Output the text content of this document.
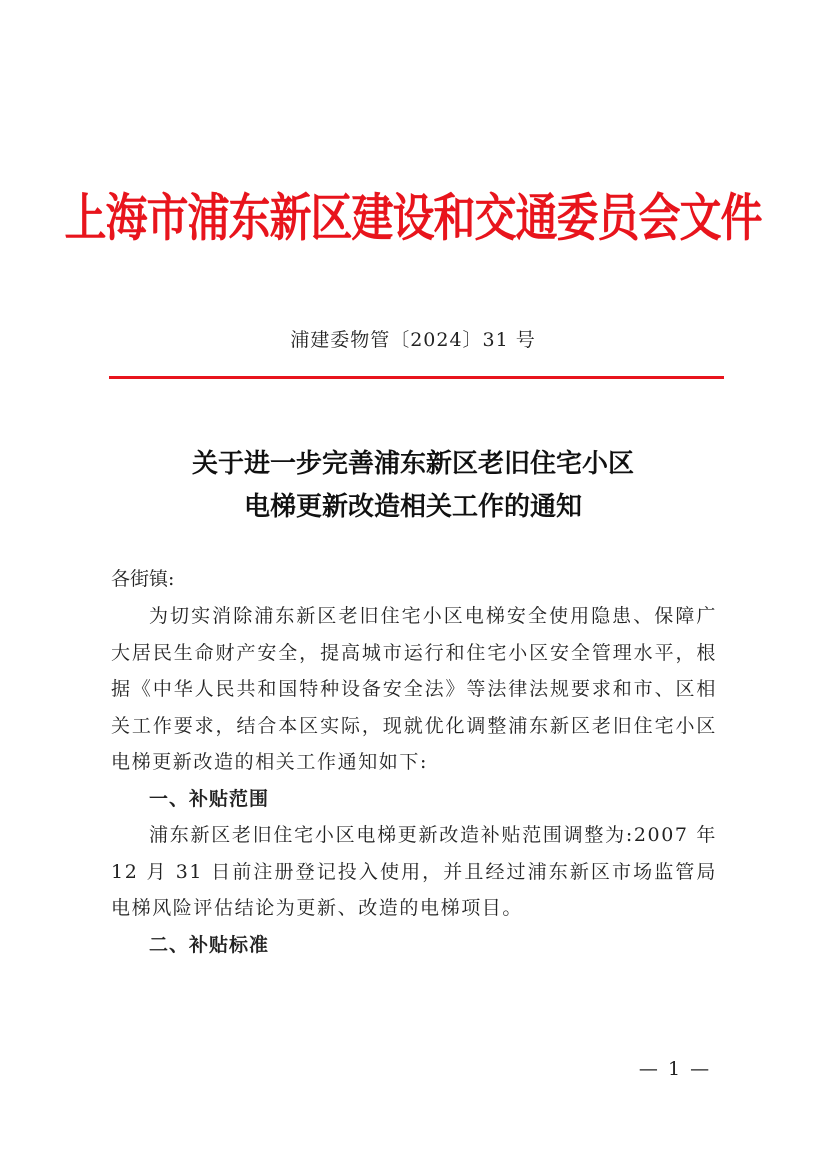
上海市浦东新区建设和交通委员会文件
浦建委物管〔2024〕31 号
关于进一步完善浦东新区老旧住宅小区
电梯更新改造相关工作的通知
各街镇:

为切实消除浦东新区老旧住宅小区电梯安全使用隐患、保障广大居民生命财产安全，提高城市运行和住宅小区安全管理水平，根据《中华人民共和国特种设备安全法》等法律法规要求和市、区相关工作要求，结合本区实际，现就优化调整浦东新区老旧住宅小区电梯更新改造的相关工作通知如下:

一、补贴范围

浦东新区老旧住宅小区电梯更新改造补贴范围调整为:2007 年 12 月 31 日前注册登记投入使用，并且经过浦东新区市场监管局电梯风险评估结论为更新、改造的电梯项目。

二、补贴标准

— 1 —
